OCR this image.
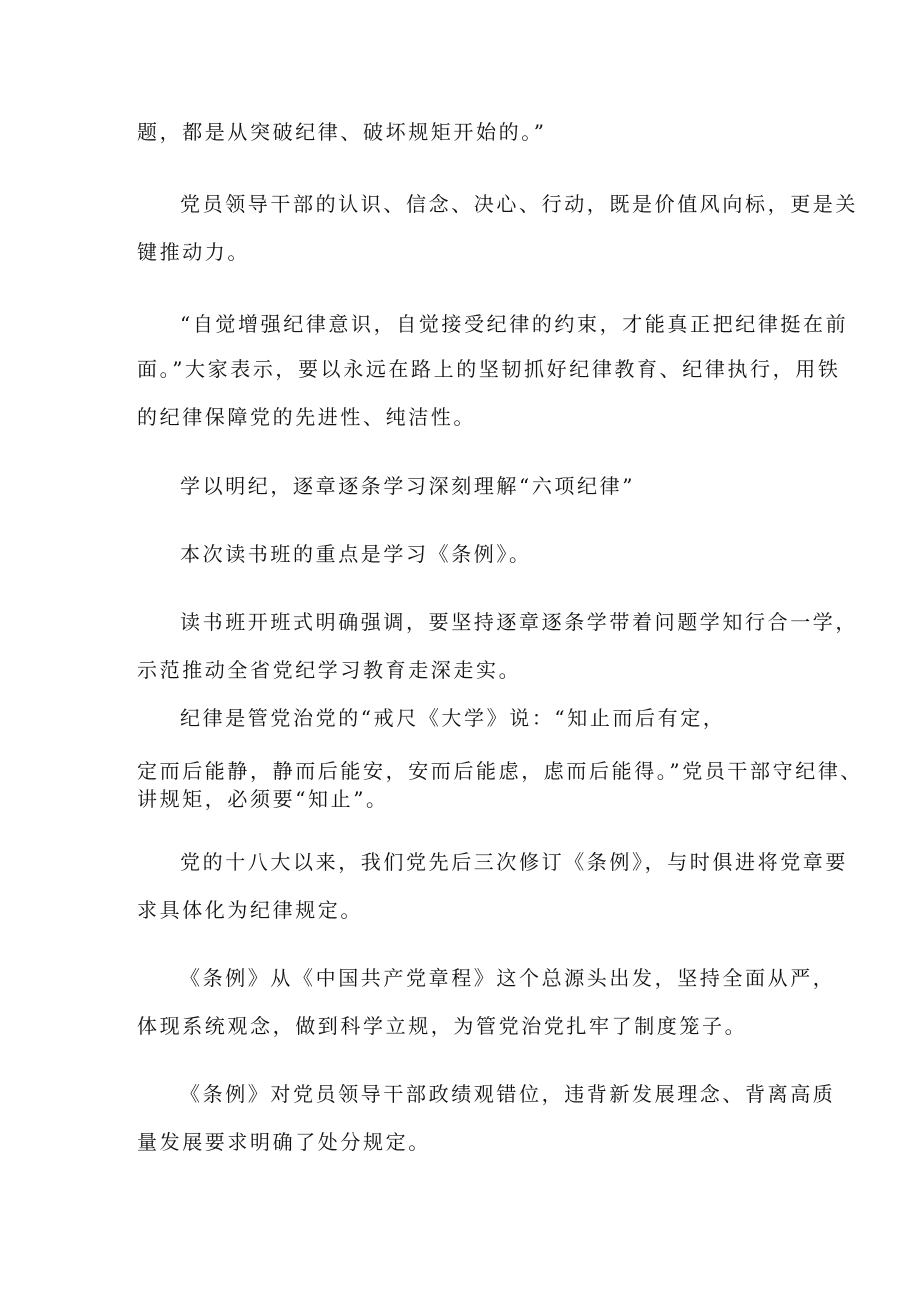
题，都是从突破纪律、破坏规矩开始的。”
党员领导干部的认识、信念、决心、行动，既是价值风向标，更是关
键推动力。
“自觉增强纪律意识，自觉接受纪律的约束，才能真正把纪律挺在前
面。”大家表示，要以永远在路上的坚韧抓好纪律教育、纪律执行，用铁
的纪律保障党的先进性、纯洁性。
学以明纪，逐章逐条学习深刻理解“六项纪律”
本次读书班的重点是学习《条例》。
读书班开班式明确强调，要坚持逐章逐条学带着问题学知行合一学，
示范推动全省党纪学习教育走深走实。
纪律是管党治党的“戒尺《大学》说：“知止而后有定，
定而后能静，静而后能安，安而后能虑，虑而后能得。”党员干部守纪律、
讲规矩，必须要“知止”。
党的十八大以来，我们党先后三次修订《条例》，与时俱进将党章要
求具体化为纪律规定。
《条例》从《中国共产党章程》这个总源头出发，坚持全面从严，
体现系统观念，做到科学立规，为管党治党扎牢了制度笼子。
《条例》对党员领导干部政绩观错位，违背新发展理念、背离高质
量发展要求明确了处分规定。
